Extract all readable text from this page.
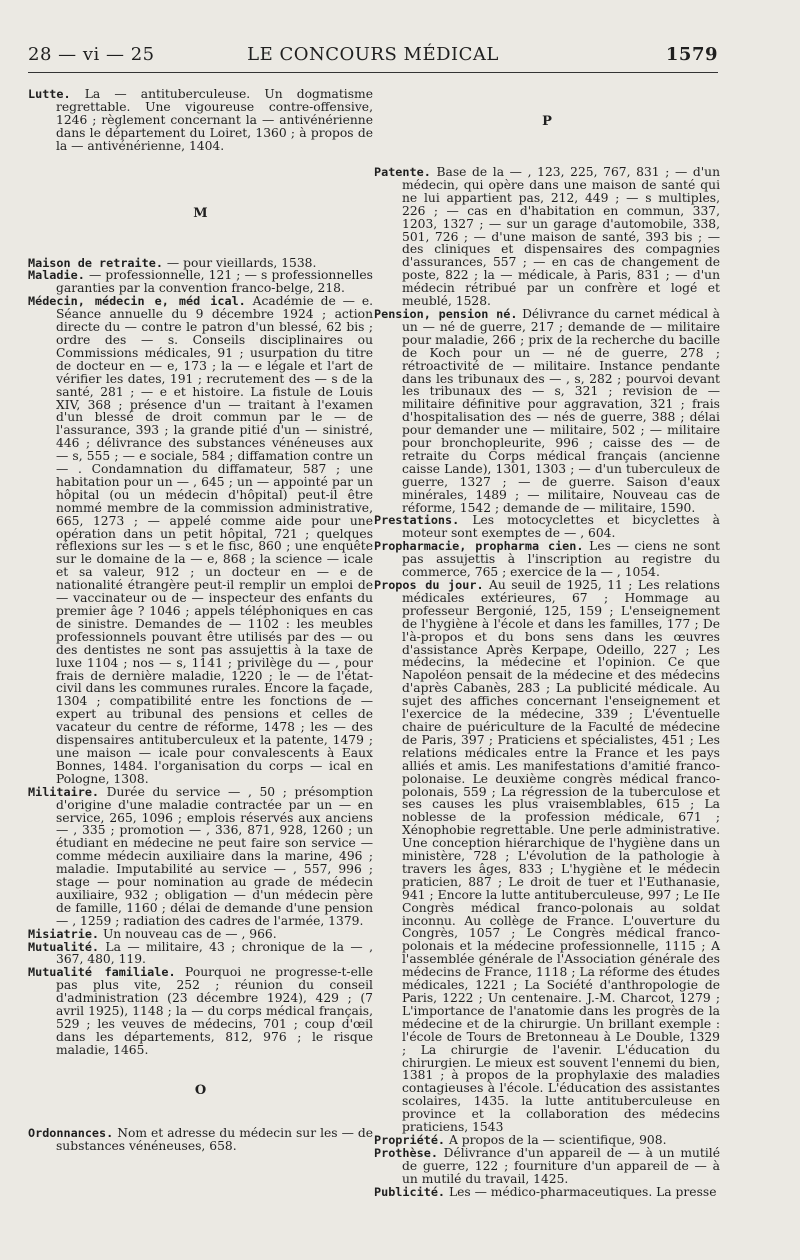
28 — vi — 25	LE CONCOURS MÉDICAL	1579

Lutte. La — antituberculeuse. Un dogmatisme regrettable. Une vigoureuse contre-offensive, 1246 ; règlement concernant la — antivénérienne dans le département du Loiret, 1360 ; à propos de la — antivénérienne, 1404.

M

Maison de retraite. — pour vieillards, 1538.

Maladie. — professionnelle, 121 ; — s professionnelles garanties par la convention franco-belge, 218.

Médecin, médecin e, méd ical. Académie de — e. Séance annuelle du 9 décembre 1924 ; action directe du — contre le patron d'un blessé, 62 bis ; ordre des — s. Conseils disciplinaires ou Commissions médicales, 91 ; usurpation du titre de docteur en — e, 173 ; la — e légale et l'art de vérifier les dates, 191 ; recrutement des — s de la santé, 281 ; — e et histoire. La fistule de Louis XIV, 368 ; présence d'un — traitant à l'examen d'un blessé de droit commun par le — de l'assurance, 393 ; la grande pitié d'un — sinistré, 446 ; délivrance des substances vénéneuses aux — s, 555 ; — e sociale, 584 ; diffamation contre un — . Condamnation du diffamateur, 587 ; une habitation pour un — , 645 ; un — appointé par un hôpital (ou un médecin d'hôpital) peut-il être nommé membre de la commission administrative, 665, 1273 ; — appelé comme aide pour une opération dans un petit hôpital, 721 ; quelques réflexions sur les — s et le fisc, 860 ; une enquête sur le domaine de la — e, 868 ; la science — icale et sa valeur, 912 ; un docteur en — e de nationalité étrangère peut-il remplir un emploi de — vaccinateur ou de — inspecteur des enfants du premier âge ? 1046 ; appels téléphoniques en cas de sinistre. Demandes de — 1102 : les meubles professionnels pouvant être utilisés par des — ou des dentistes ne sont pas assujettis à la taxe de luxe 1104 ; nos — s, 1141 ; privilège du — , pour frais de dernière maladie, 1220 ; le — de l'état-civil dans les communes rurales. Encore la façade, 1304 ; compatibilité entre les fonctions de — expert au tribunal des pensions et celles de vacateur du centre de réforme, 1478 ; les — des dispensaires antituberculeux et la patente, 1479 ; une maison — icale pour convalescents à Eaux Bonnes, 1484. l'organisation du corps — ical en Pologne, 1308.

Militaire. Durée du service — , 50 ; présomption d'origine d'une maladie contractée par un — en service, 265, 1096 ; emplois réservés aux anciens — , 335 ; promotion — , 336, 871, 928, 1260 ; un étudiant en médecine ne peut faire son service — comme médecin auxiliaire dans la marine, 496 ; maladie. Imputabilité au service — , 557, 996 ; stage — pour nomination au grade de médecin auxiliaire, 932 ; obligation — d'un médecin père de famille, 1160 ; délai de demande d'une pension — , 1259 ; radiation des cadres de l'armée, 1379.

Misiatrie. Un nouveau cas de — , 966.

Mutualité. La — militaire, 43 ; chronique de la — , 367, 480, 119.

Mutualité familiale. Pourquoi ne progresse-t-elle pas plus vite, 252 ; réunion du conseil d'administration (23 décembre 1924), 429 ; (7 avril 1925), 1148 ; la — du corps médical français, 529 ; les veuves de médecins, 701 ; coup d'œil dans les départements, 812, 976 ; le risque maladie, 1465.

O

Ordonnances. Nom et adresse du médecin sur les — de substances vénéneuses, 658.

P

Patente. Base de la — , 123, 225, 767, 831 ; — d'un médecin, qui opère dans une maison de santé qui ne lui appartient pas, 212, 449 ; — s multiples, 226 ; — cas en d'habitation en commun, 337, 1203, 1327 ; — sur un garage d'automobile, 338, 501, 726 ; — d'une maison de santé, 393 bis ; — des cliniques et dispensaires des compagnies d'assurances, 557 ; — en cas de changement de poste, 822 ; la — médicale, à Paris, 831 ; — d'un médecin rétribué par un confrère et logé et meublé, 1528.

Pension, pension né. Délivrance du carnet médical à un — né de guerre, 217 ; demande de — militaire pour maladie, 266 ; prix de la recherche du bacille de Koch pour un — né de guerre, 278 ; rétroactivité de — militaire. Instance pendante dans les tribunaux des — , s, 282 ; pourvoi devant les tribunaux des — s, 321 ; revision de — militaire définitive pour aggravation, 321 ; frais d'hospitalisation des — nés de guerre, 388 ; délai pour demander une — militaire, 502 ; — militaire pour bronchopleurite, 996 ; caisse des — de retraite du Corps médical français (ancienne caisse Lande), 1301, 1303 ; — d'un tuberculeux de guerre, 1327 ; — de guerre. Saison d'eaux minérales, 1489 ; — militaire, Nouveau cas de réforme, 1542 ; demande de — militaire, 1590.

Prestations. Les motocyclettes et bicyclettes à moteur sont exemptes de — , 604.

Propharmacie, propharma cien. Les — ciens ne sont pas assujettis à l'inscription au registre du commerce, 765 ; exercice de la — , 1054.

Propos du jour. Au seuil de 1925, 11 ; Les relations médicales extérieures, 67 ; Hommage au professeur Bergonié, 125, 159 ; L'enseignement de l'hygiène à l'école et dans les familles, 177 ; De l'à-propos et du bons sens dans les œuvres d'assistance Après Kerpape, Odeillo, 227 ; Les médecins, la médecine et l'opinion. Ce que Napoléon pensait de la médecine et des médecins d'après Cabanès, 283 ; La publicité médicale. Au sujet des affiches concernant l'enseignement et l'exercice de la médecine, 339 ; L'éventuelle chaire de puériculture de la Faculté de médecine de Paris, 397 ; Praticiens et spécialistes, 451 ; Les relations médicales entre la France et les pays alliés et amis. Les manifestations d'amitié franco-polonaise. Le deuxième congrès médical franco-polonais, 559 ; La régression de la tuberculose et ses causes les plus vraisemblables, 615 ; La noblesse de la profession médicale, 671 ; Xénophobie regrettable. Une perle administrative. Une conception hiérarchique de l'hygiène dans un ministère, 728 ; L'évolution de la pathologie à travers les âges, 833 ; L'hygiène et le médecin praticien, 887 ; Le droit de tuer et l'Euthanasie, 941 ; Encore la lutte antituberculeuse, 997 ; Le IIe Congrès médical franco-polonais au soldat inconnu. Au collège de France. L'ouverture du Congrès, 1057 ; Le Congrès médical franco-polonais et la médecine professionnelle, 1115 ; A l'assemblée générale de l'Association générale des médecins de France, 1118 ; La réforme des études médicales, 1221 ; La Société d'anthropologie de Paris, 1222 ; Un centenaire. J.-M. Charcot, 1279 ; L'importance de l'anatomie dans les progrès de la médecine et de la chirurgie. Un brillant exemple : l'école de Tours de Bretonneau à Le Double, 1329 ; La chirurgie de l'avenir. L'éducation du chirurgien. Le mieux est souvent l'ennemi du bien, 1381 ; à propos de la prophylaxie des maladies contagieuses à l'école. L'éducation des assistantes scolaires, 1435. la lutte antituberculeuse en province et la collaboration des médecins praticiens, 1543

Propriété. A propos de la — scientifique, 908.

Prothèse. Délivrance d'un appareil de — à un mutilé de guerre, 122 ; fourniture d'un appareil de — à un mutilé du travail, 1425.

Publicité. Les — médico-pharmaceutiques. La presse
